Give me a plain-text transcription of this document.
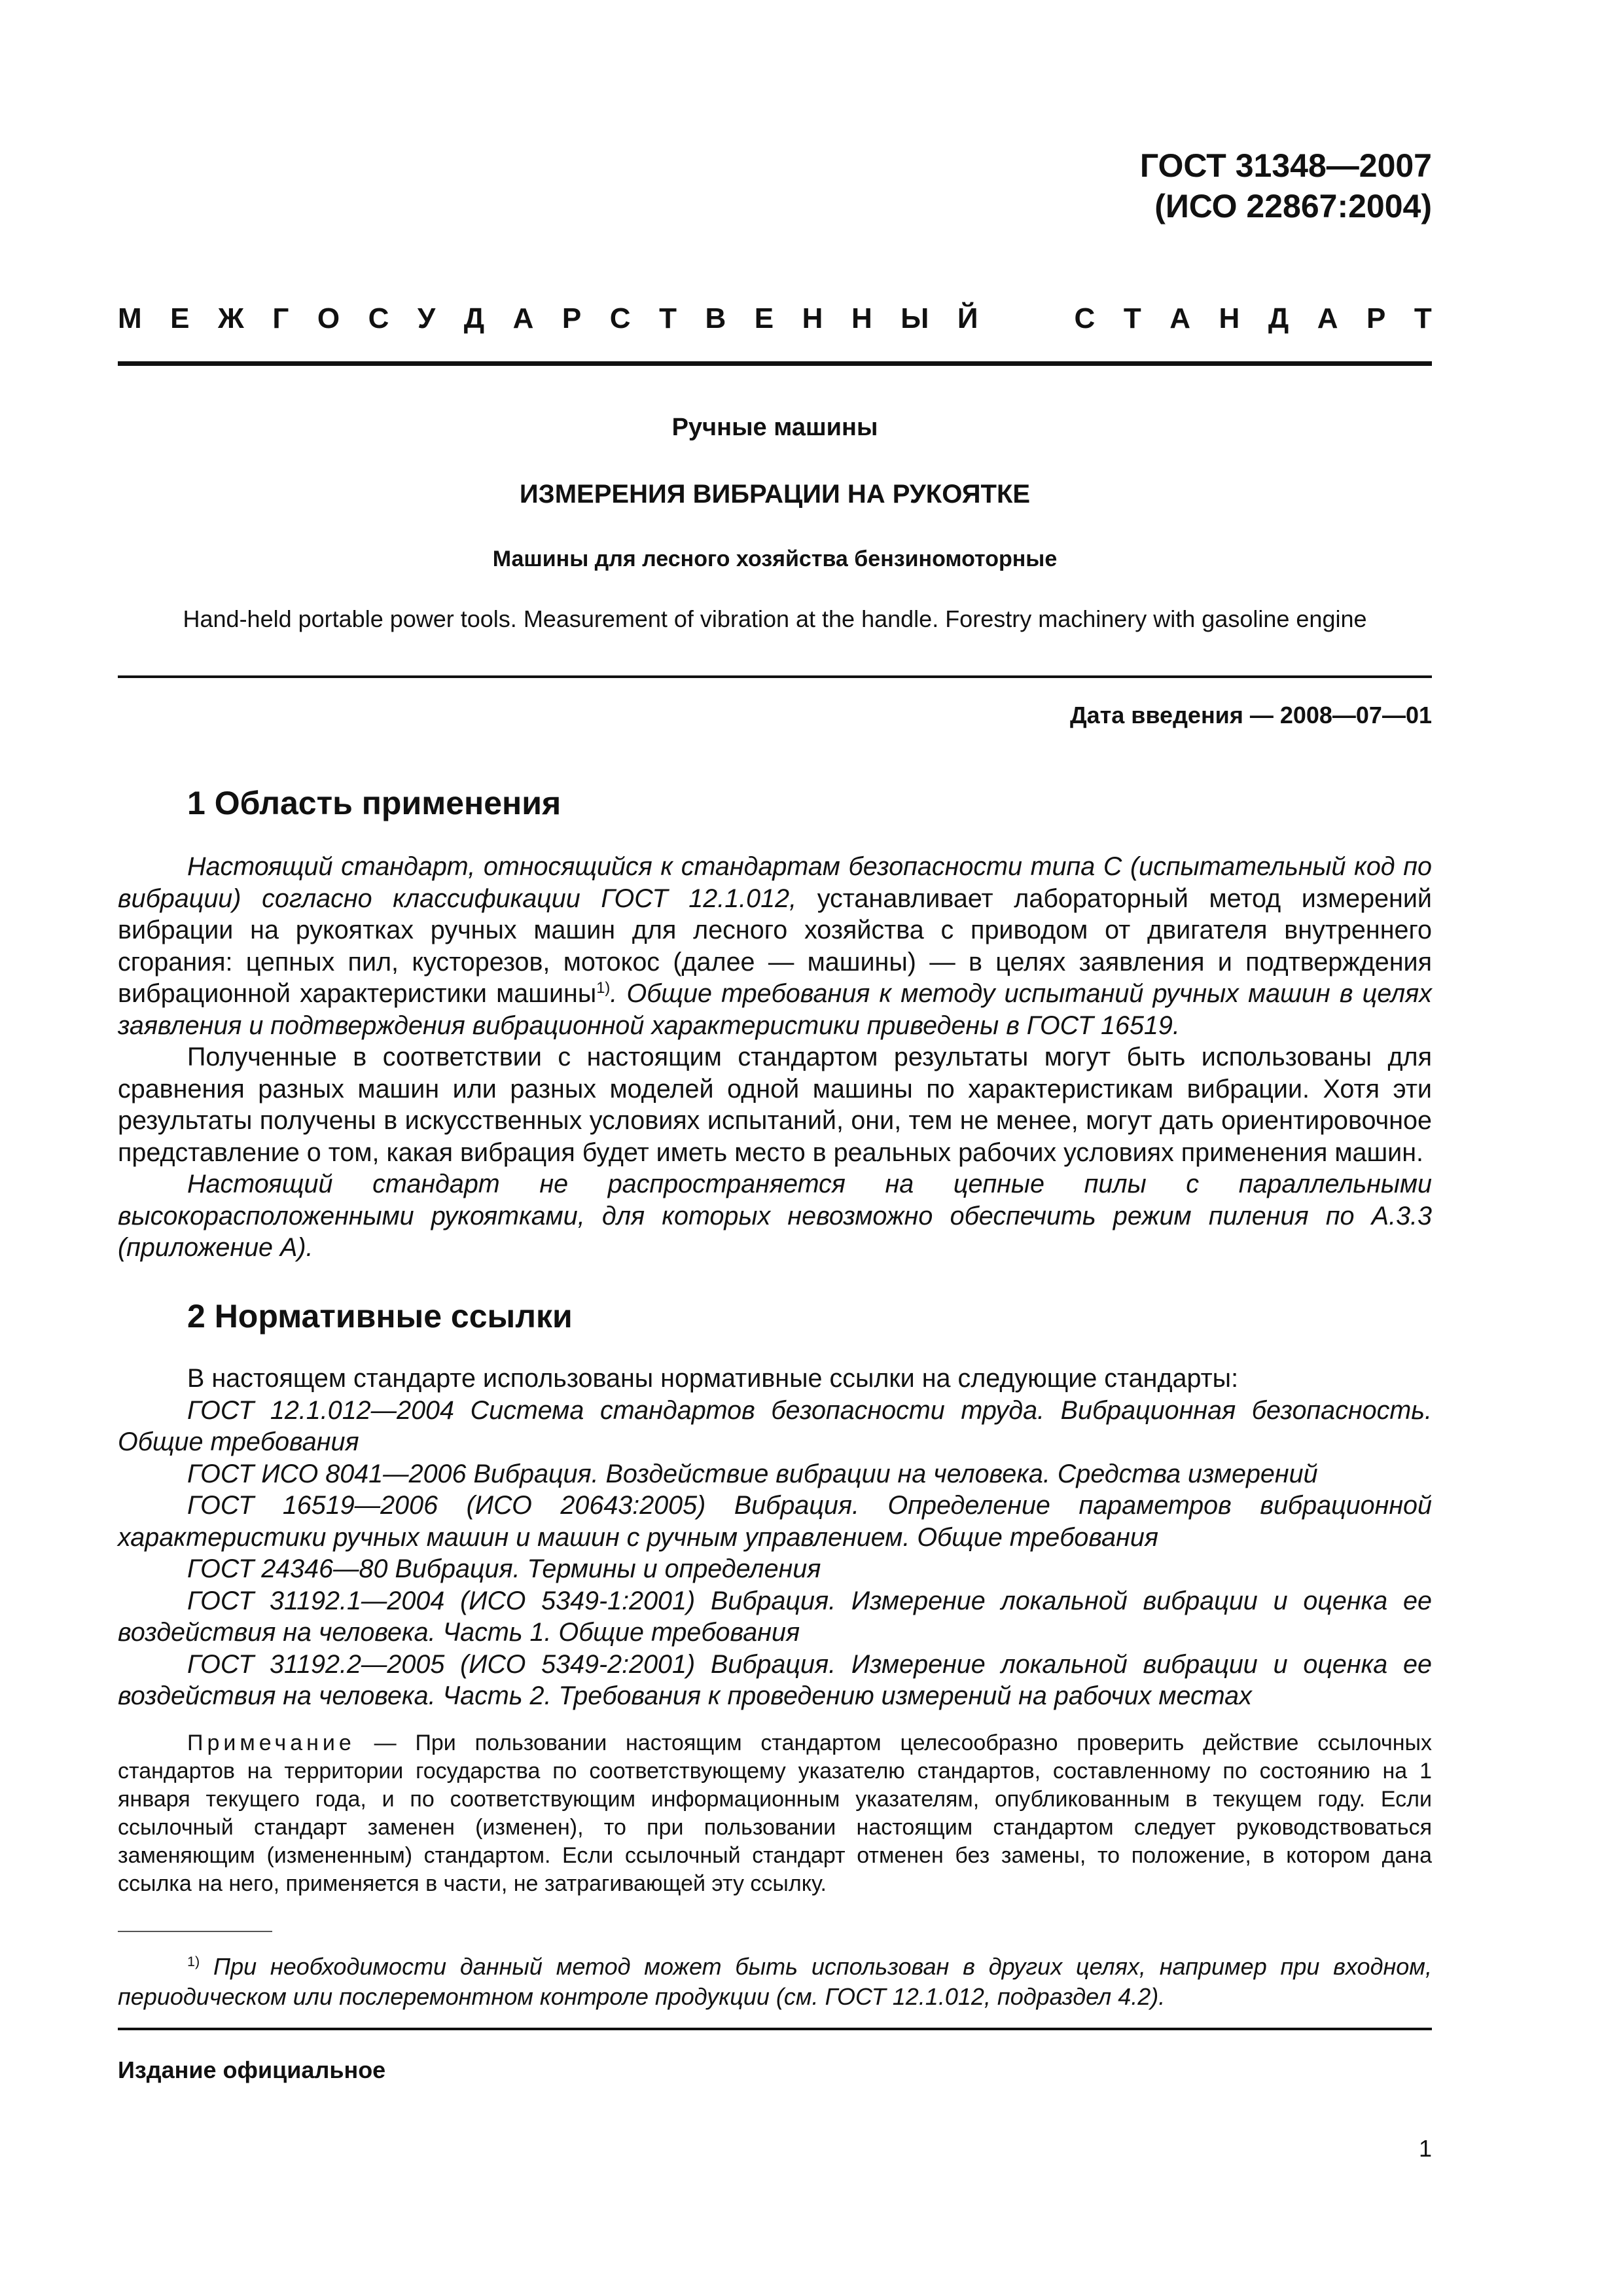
ГОСТ 31348—2007
(ИСО 22867:2004)
М Е Ж Г О С У Д А Р С Т В Е Н Н Ы Й	С Т А Н Д А Р Т
Ручные машины
ИЗМЕРЕНИЯ ВИБРАЦИИ НА РУКОЯТКЕ
Машины для лесного хозяйства бензиномоторные
Hand-held portable power tools. Measurement of vibration at the handle. Forestry machinery with gasoline engine
Дата введения — 2008—07—01
1 Область применения

Настоящий стандарт, относящийся к стандартам безопасности типа С (испытательный код по вибрации) согласно классификации ГОСТ 12.1.012, устанавливает лабораторный метод измерений вибрации на рукоятках ручных машин для лесного хозяйства с приводом от двигателя внутреннего сгорания: цепных пил, кусторезов, мотокос (далее — машины) — в целях заявления и подтверждения вибрационной характеристики машины$^{1)}$. Общие требования к методу испытаний ручных машин в целях заявления и подтверждения вибрационной характеристики приведены в ГОСТ 16519.

Полученные в соответствии с настоящим стандартом результаты могут быть использованы для сравнения разных машин или разных моделей одной машины по характеристикам вибрации. Хотя эти результаты получены в искусственных условиях испытаний, они, тем не менее, могут дать ориентировочное представление о том, какая вибрация будет иметь место в реальных рабочих условиях применения машин.

Настоящий стандарт не распространяется на цепные пилы с параллельными высокорасположенными рукоятками, для которых невозможно обеспечить режим пиления по А.3.3 (приложение А).

2 Нормативные ссылки

В настоящем стандарте использованы нормативные ссылки на следующие стандарты:

ГОСТ 12.1.012—2004 Система стандартов безопасности труда. Вибрационная безопасность. Общие требования

ГОСТ ИСО 8041—2006 Вибрация. Воздействие вибрации на человека. Средства измерений

ГОСТ 16519—2006 (ИСО 20643:2005) Вибрация. Определение параметров вибрационной характеристики ручных машин и машин с ручным управлением. Общие требования

ГОСТ 24346—80 Вибрация. Термины и определения

ГОСТ 31192.1—2004 (ИСО 5349-1:2001) Вибрация. Измерение локальной вибрации и оценка ее воздействия на человека. Часть 1. Общие требования

ГОСТ 31192.2—2005 (ИСО 5349-2:2001) Вибрация. Измерение локальной вибрации и оценка ее воздействия на человека. Часть 2. Требования к проведению измерений на рабочих местах

Примечание — При пользовании настоящим стандартом целесообразно проверить действие ссылочных стандартов на территории государства по соответствующему указателю стандартов, составленному по состоянию на 1 января текущего года, и по соответствующим информационным указателям, опубликованным в текущем году. Если ссылочный стандарт заменен (изменен), то при пользовании настоящим стандартом следует руководствоваться заменяющим (измененным) стандартом. Если ссылочный стандарт отменен без замены, то положение, в котором дана ссылка на него, применяется в части, не затрагивающей эту ссылку.

$^{1)}$ При необходимости данный метод может быть использован в других целях, например при входном, периодическом или послеремонтном контроле продукции (см. ГОСТ 12.1.012, подраздел 4.2).

Издание официальное
1
